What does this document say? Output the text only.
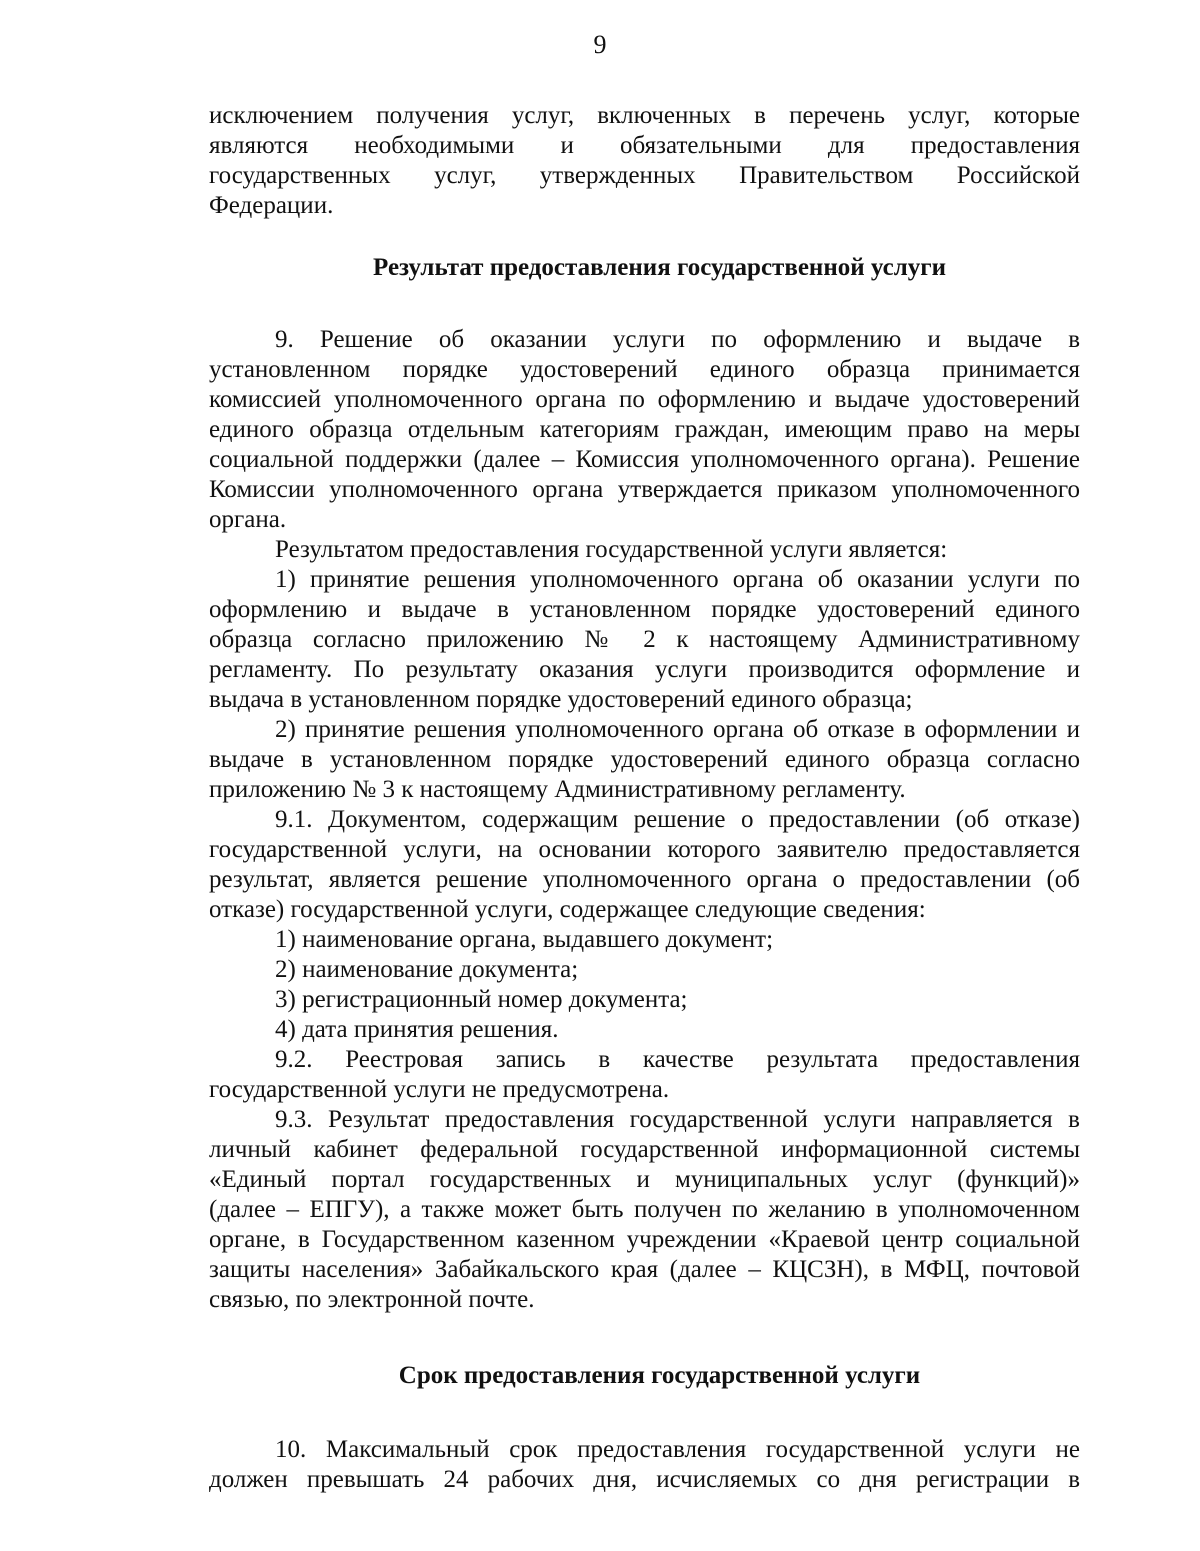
9
исключением получения услуг, включенных в перечень услуг, которые
являются необходимыми и обязательными для предоставления
государственных услуг, утвержденных Правительством Российской
Федерации.
Результат предоставления государственной услуги
9. Решение об оказании услуги по оформлению и выдаче в
установленном порядке удостоверений единого образца принимается
комиссией уполномоченного органа по оформлению и выдаче удостоверений
единого образца отдельным категориям граждан, имеющим право на меры
социальной поддержки (далее – Комиссия уполномоченного органа). Решение
Комиссии уполномоченного органа утверждается приказом уполномоченного
органа.
Результатом предоставления государственной услуги является:
1) принятие решения уполномоченного органа об оказании услуги по
оформлению и выдаче в установленном порядке удостоверений единого
образца согласно приложению № 2 к настоящему Административному
регламенту. По результату оказания услуги производится оформление и
выдача в установленном порядке удостоверений единого образца;
2) принятие решения уполномоченного органа об отказе в оформлении и
выдаче в установленном порядке удостоверений единого образца согласно
приложению № 3 к настоящему Административному регламенту.
9.1. Документом, содержащим решение о предоставлении (об отказе)
государственной услуги, на основании которого заявителю предоставляется
результат, является решение уполномоченного органа о предоставлении (об
отказе) государственной услуги, содержащее следующие сведения:
1) наименование органа, выдавшего документ;
2) наименование документа;
3) регистрационный номер документа;
4) дата принятия решения.
9.2. Реестровая запись в качестве результата предоставления
государственной услуги не предусмотрена.
9.3. Результат предоставления государственной услуги направляется в
личный кабинет федеральной государственной информационной системы
«Единый портал государственных и муниципальных услуг (функций)»
(далее – ЕПГУ), а также может быть получен по желанию в уполномоченном
органе, в Государственном казенном учреждении «Краевой центр социальной
защиты населения» Забайкальского края (далее – КЦСЗН), в МФЦ, почтовой
связью, по электронной почте.
Срок предоставления государственной услуги
10. Максимальный срок предоставления государственной услуги не
должен превышать 24 рабочих дня, исчисляемых со дня регистрации в
